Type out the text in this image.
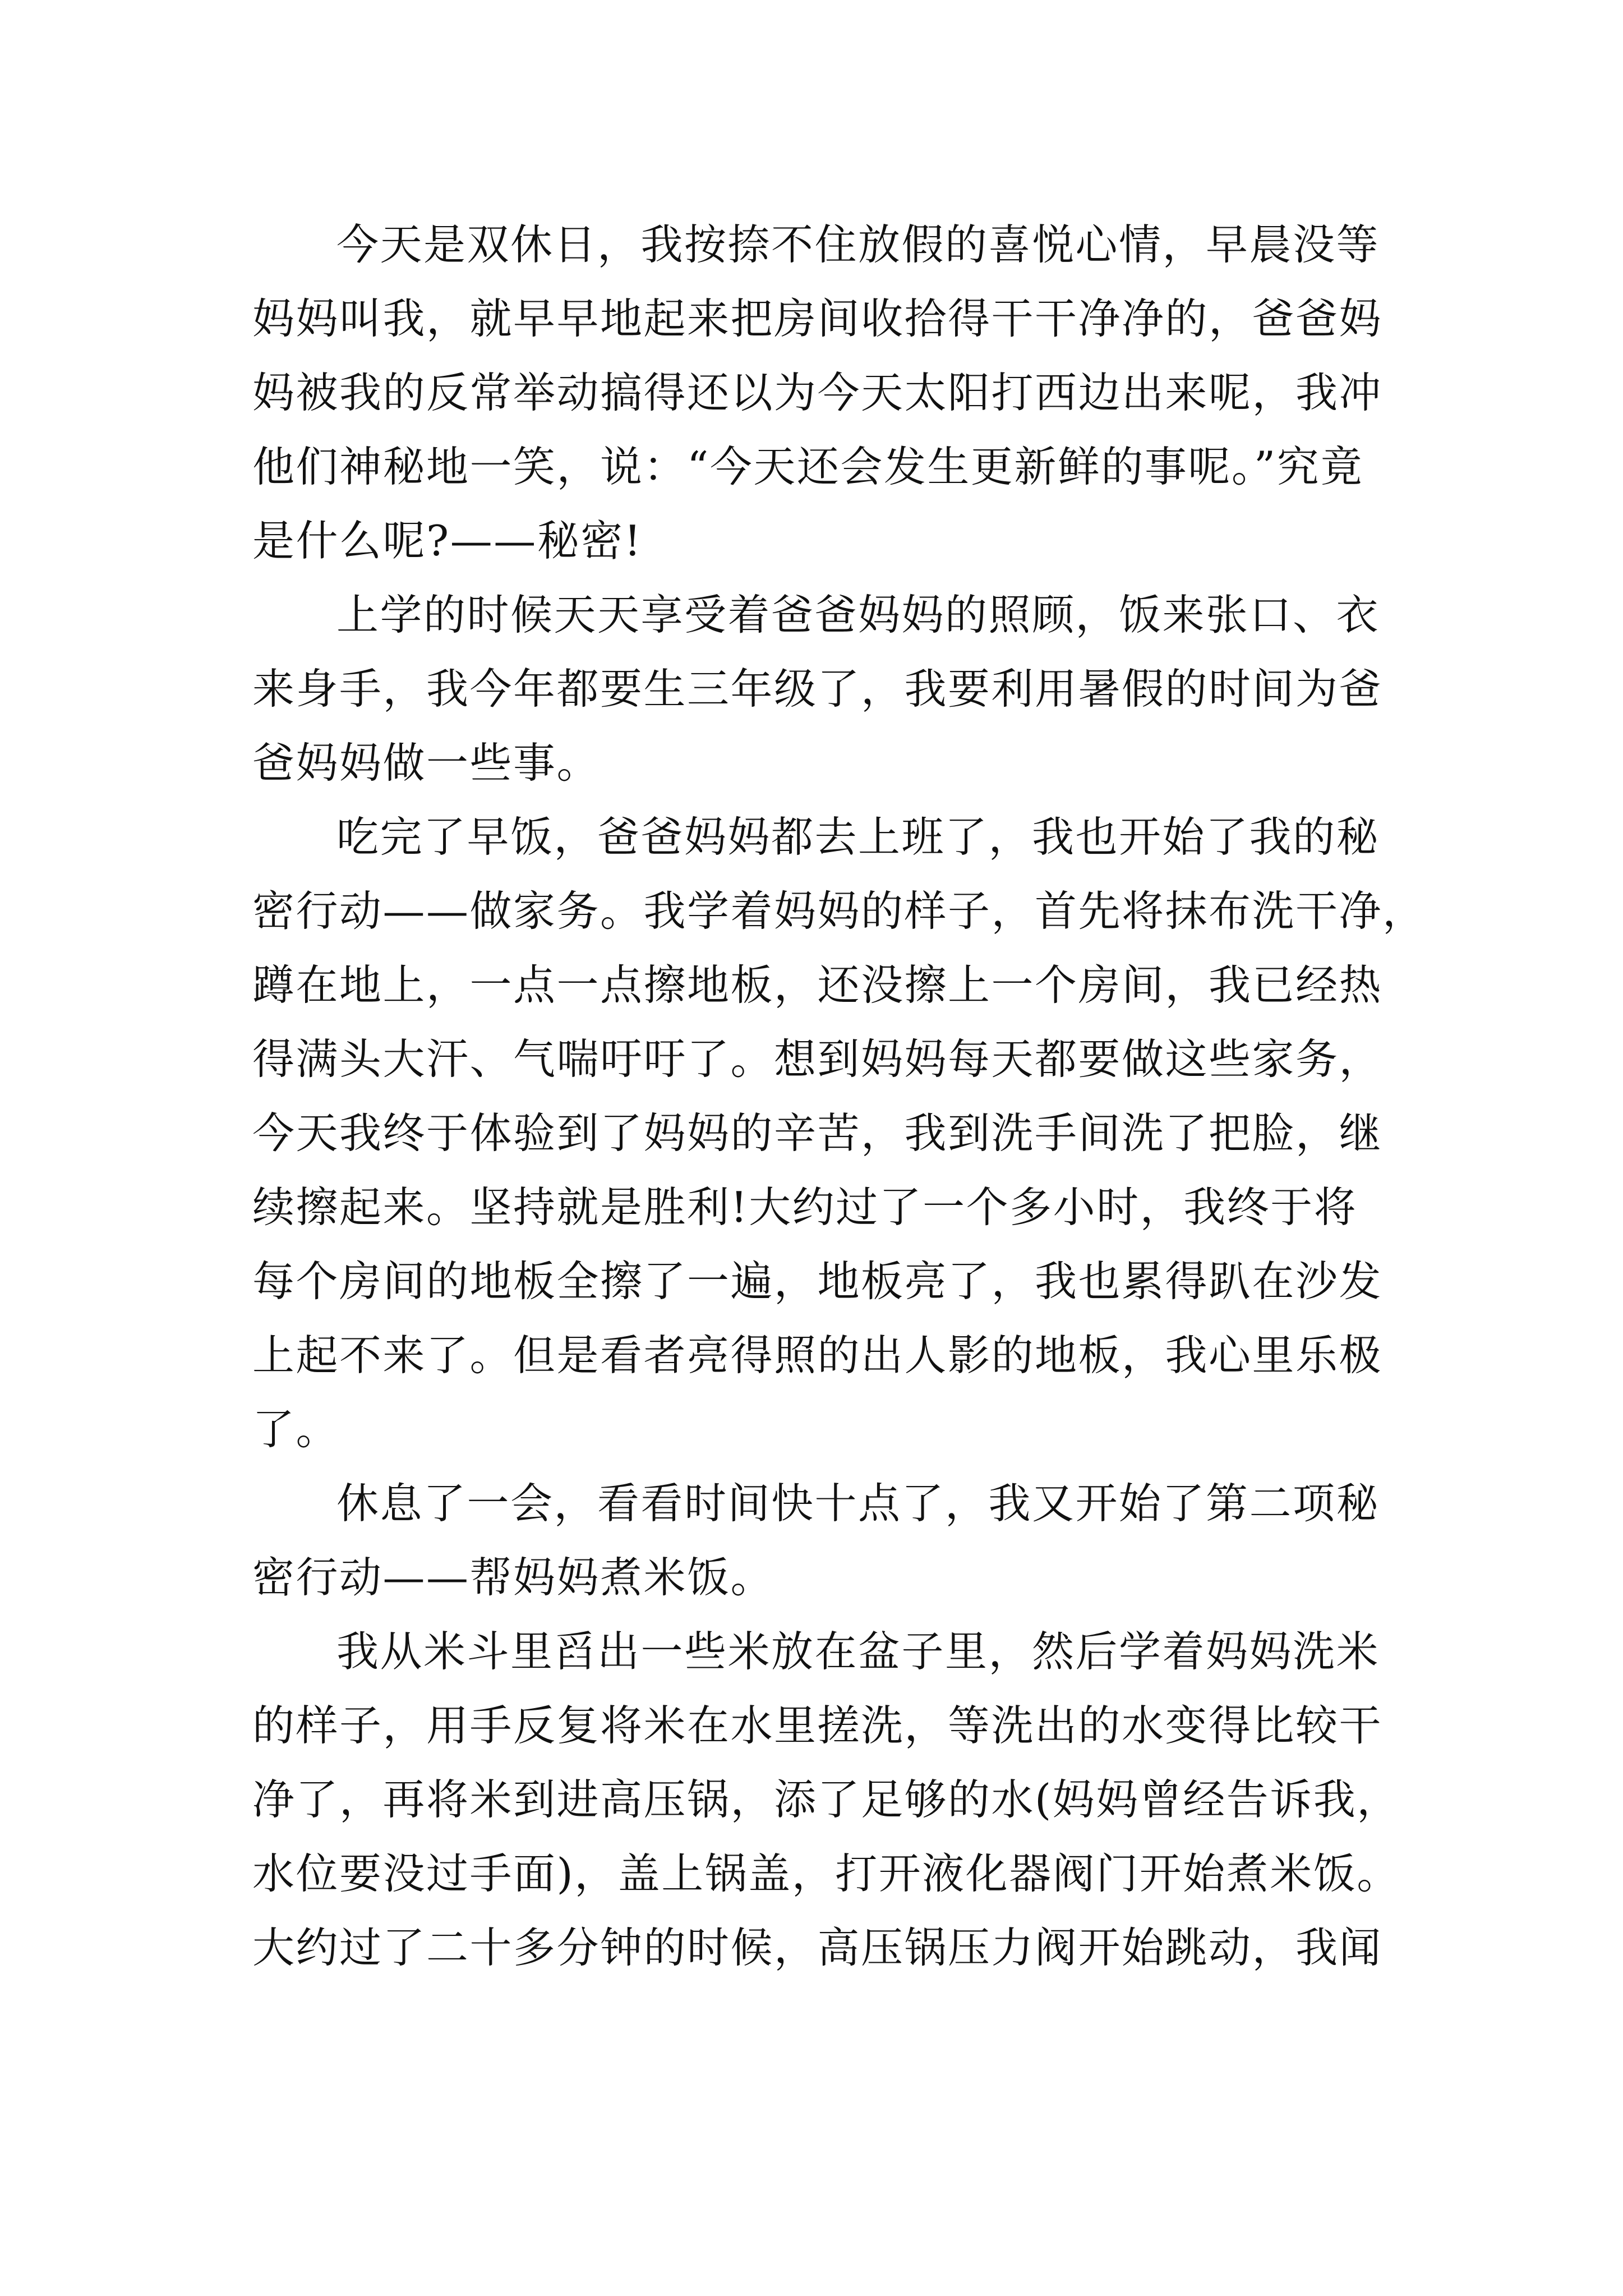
今天是双休日，我按捺不住放假的喜悦心情，早晨没等
妈妈叫我，就早早地起来把房间收拾得干干净净的，爸爸妈
妈被我的反常举动搞得还以为今天太阳打西边出来呢，我冲
他们神秘地一笑，说：“今天还会发生更新鲜的事呢。”究竟
是什么呢?——秘密!
上学的时候天天享受着爸爸妈妈的照顾，饭来张口、衣
来身手，我今年都要生三年级了，我要利用暑假的时间为爸
爸妈妈做一些事。
吃完了早饭，爸爸妈妈都去上班了，我也开始了我的秘
密行动——做家务。我学着妈妈的样子，首先将抹布洗干净，
蹲在地上，一点一点擦地板，还没擦上一个房间，我已经热
得满头大汗、气喘吁吁了。想到妈妈每天都要做这些家务，
今天我终于体验到了妈妈的辛苦，我到洗手间洗了把脸，继
续擦起来。坚持就是胜利!大约过了一个多小时，我终于将
每个房间的地板全擦了一遍，地板亮了，我也累得趴在沙发
上起不来了。但是看者亮得照的出人影的地板，我心里乐极
了。
休息了一会，看看时间快十点了，我又开始了第二项秘
密行动——帮妈妈煮米饭。
我从米斗里舀出一些米放在盆子里，然后学着妈妈洗米
的样子，用手反复将米在水里搓洗，等洗出的水变得比较干
净了，再将米到进高压锅，添了足够的水(妈妈曾经告诉我，
水位要没过手面)，盖上锅盖，打开液化器阀门开始煮米饭。
大约过了二十多分钟的时候，高压锅压力阀开始跳动，我闻
